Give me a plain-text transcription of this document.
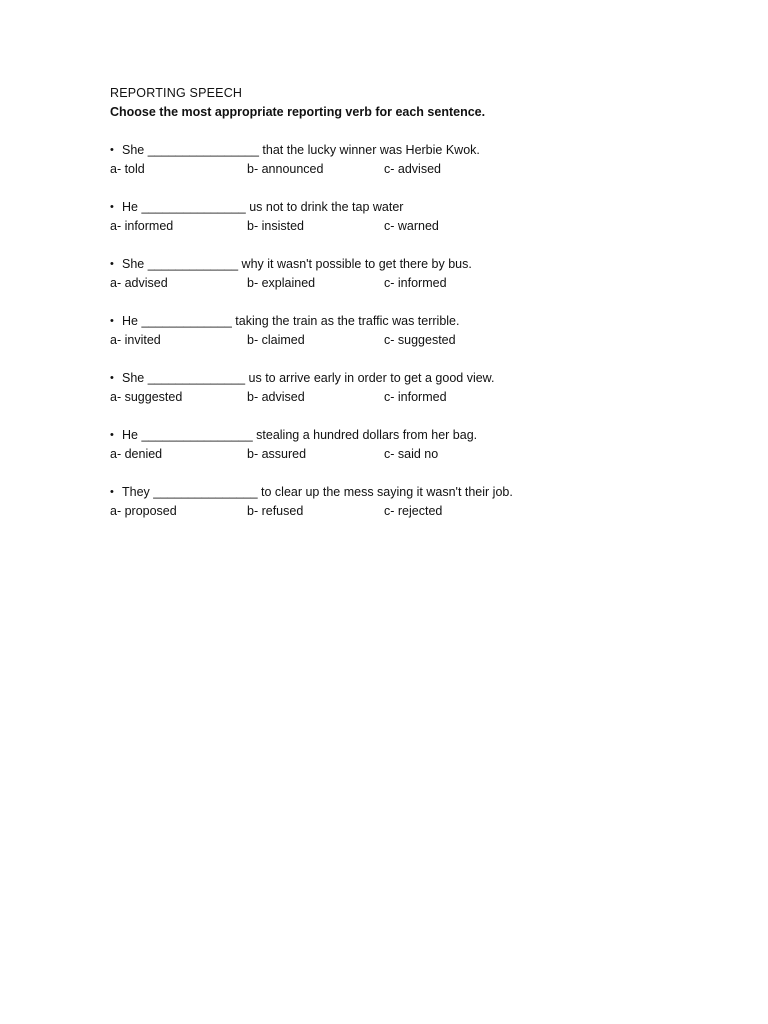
REPORTING SPEECH
Choose the most appropriate reporting verb for each sentence.
• She ________________ that the lucky winner was Herbie Kwok.
a- told	b- announced	c- advised
• He _______________ us not to drink the tap water
a- informed	b- insisted	c- warned
• She _____________ why it wasn't possible to get there by bus.
a- advised	b- explained	c- informed
• He _____________ taking the train as the traffic was terrible.
a- invited	b- claimed	c- suggested
• She ______________ us to arrive early in order to get a good view.
a- suggested	b- advised	c- informed
• He ________________ stealing a hundred dollars from her bag.
a- denied	b- assured	c- said no
• They _______________ to clear up the mess saying it wasn't their job.
a- proposed	b- refused	c- rejected
